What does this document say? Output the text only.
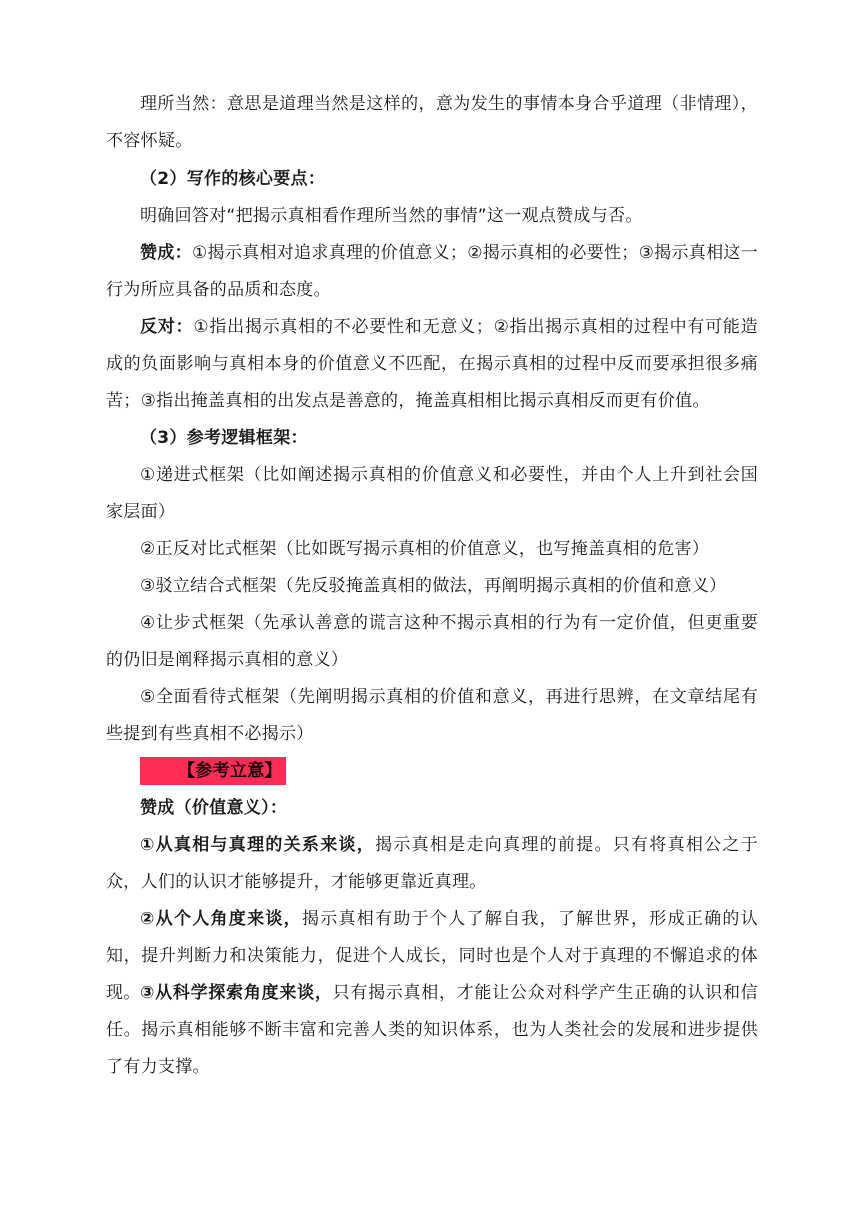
理所当然：意思是道理当然是这样的，意为发生的事情本身合乎道理（非情理），不容怀疑。

（2）写作的核心要点：

明确回答对“把揭示真相看作理所当然的事情”这一观点赞成与否。

赞成：①揭示真相对追求真理的价值意义；②揭示真相的必要性；③揭示真相这一行为所应具备的品质和态度。

反对：①指出揭示真相的不必要性和无意义；②指出揭示真相的过程中有可能造成的负面影响与真相本身的价值意义不匹配，在揭示真相的过程中反而要承担很多痛苦；③指出掩盖真相的出发点是善意的，掩盖真相相比揭示真相反而更有价值。

（3）参考逻辑框架：

①递进式框架（比如阐述揭示真相的价值意义和必要性，并由个人上升到社会国家层面）

②正反对比式框架（比如既写揭示真相的价值意义，也写掩盖真相的危害）

③驳立结合式框架（先反驳掩盖真相的做法，再阐明揭示真相的价值和意义）

④让步式框架（先承认善意的谎言这种不揭示真相的行为有一定价值，但更重要的仍旧是阐释揭示真相的意义）

⑤全面看待式框架（先阐明揭示真相的价值和意义，再进行思辨，在文章结尾有些提到有些真相不必揭示）

【参考立意】

赞成（价值意义）：

①从真相与真理的关系来谈，揭示真相是走向真理的前提。只有将真相公之于众，人们的认识才能够提升，才能够更靠近真理。

②从个人角度来谈，揭示真相有助于个人了解自我，了解世界，形成正确的认知，提升判断力和决策能力，促进个人成长，同时也是个人对于真理的不懈追求的体现。 ③从科学探索角度来谈，只有揭示真相，才能让公众对科学产生正确的认识和信任。揭示真相能够不断丰富和完善人类的知识体系，也为人类社会的发展和进步提供了有力支撑。
